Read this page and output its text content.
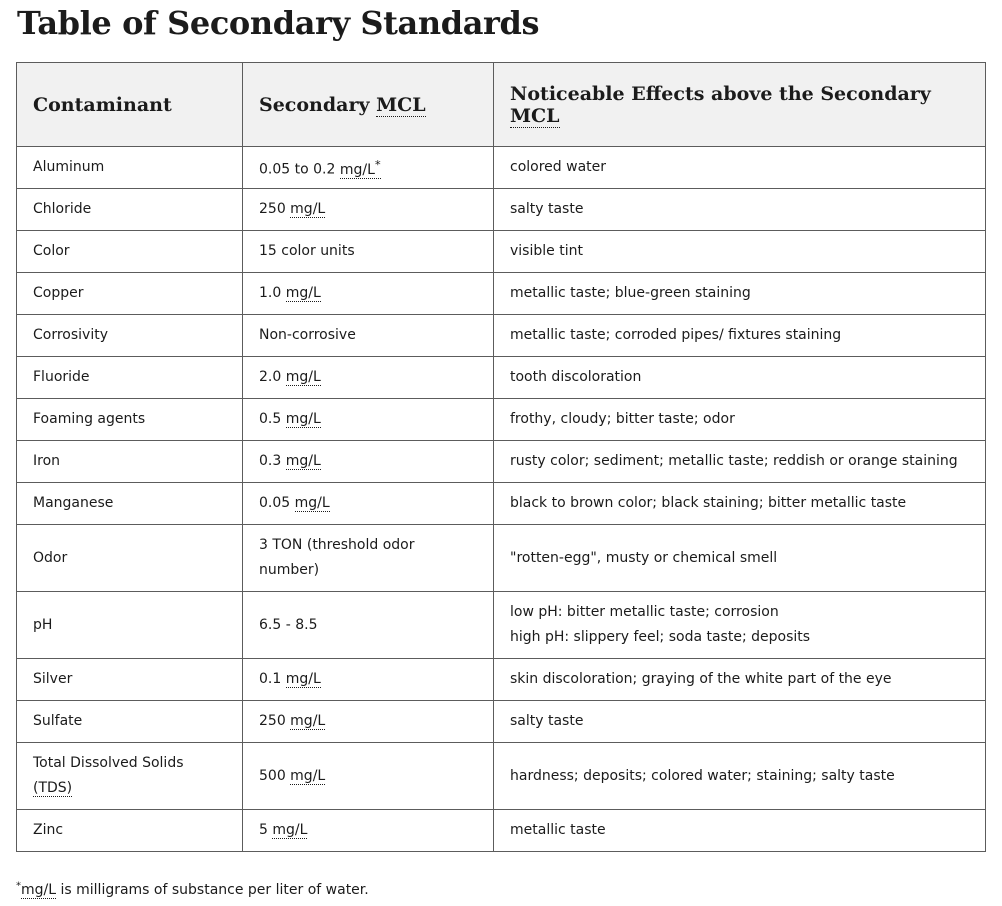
Table of Secondary Standards
Contaminant	Secondary MCL	Noticeable Effects above the Secondary MCL
Aluminum	0.05 to 0.2 mg/L*	colored water
Chloride	250 mg/L	salty taste
Color	15 color units	visible tint
Copper	1.0 mg/L	metallic taste; blue-green staining
Corrosivity	Non-corrosive	metallic taste; corroded pipes/ fixtures staining
Fluoride	2.0 mg/L	tooth discoloration
Foaming agents	0.5 mg/L	frothy, cloudy; bitter taste; odor
Iron	0.3 mg/L	rusty color; sediment; metallic taste; reddish or orange staining
Manganese	0.05 mg/L	black to brown color; black staining; bitter metallic taste
Odor	3 TON (threshold odor number)	"rotten-egg", musty or chemical smell
pH	6.5 - 8.5	low pH: bitter metallic taste; corrosion
high pH: slippery feel; soda taste; deposits
Silver	0.1 mg/L	skin discoloration; graying of the white part of the eye
Sulfate	250 mg/L	salty taste
Total Dissolved Solids (TDS)	500 mg/L	hardness; deposits; colored water; staining; salty taste
Zinc	5 mg/L	metallic taste

*mg/L is milligrams of substance per liter of water.
